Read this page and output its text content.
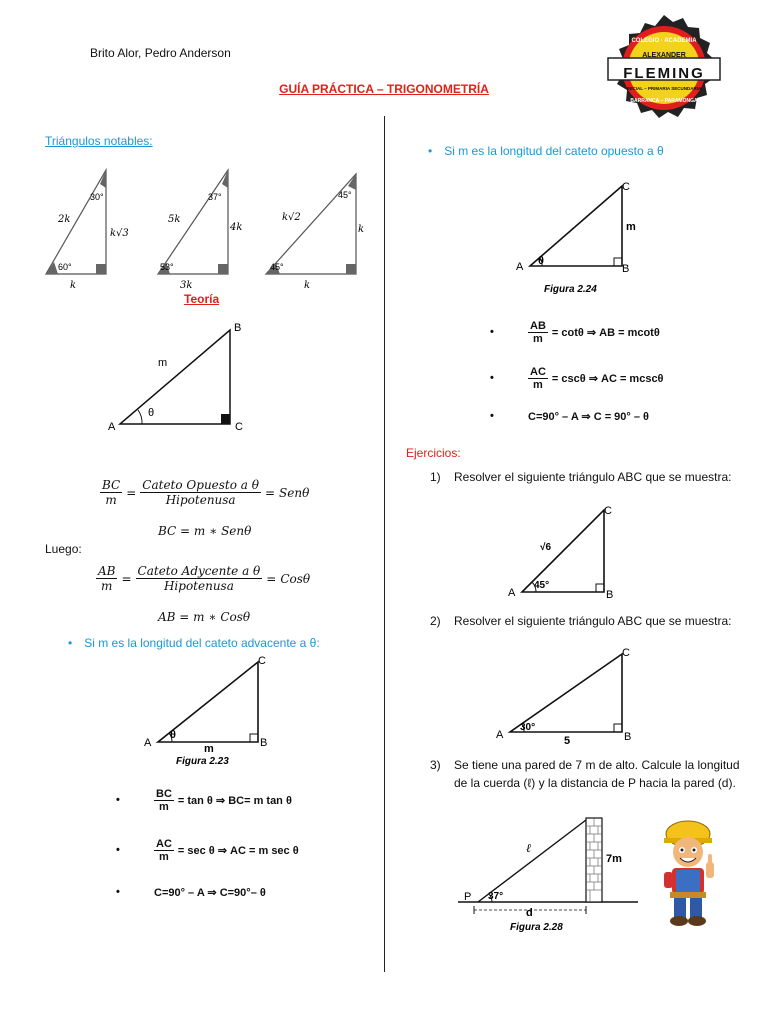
Brito Alor, Pedro Anderson
GUÍA PRÁCTICA – TRIGONOMETRÍA
COLEGIO · ACADEMIA
ALEXANDER
FLEMING
INICIAL – PRIMARIA SECUNDARIA
BARRANCA – PARAMONGA
Triángulos notables:
30°
60°
2k
k√3
k
37°
53°
5k
4k
3k
45°
45°
k√2
k
k
Teoría
A
B
C
m
θ
$\frac{BC}{m} = \frac{\text{Cateto Opuesto a θ}}{\text{Hipotenusa}} = Sen\theta$
BC = m ∗ Senθ
Luego:
$\frac{AB}{m} = \frac{\text{Cateto Adycente a θ}}{\text{Hipotenusa}} = Cos\theta$
AB = m ∗ Cosθ
• Si m es la longitud del cateto advacente a θ:
A	B
C
θ
m
Figura 2.23
•	$\frac{BC}{m} = \tan \theta$ ⇒ BC= m tan θ
•	$\frac{AC}{m} = \sec \theta$ ⇒ AC = m sec θ
•	C=90° – A ⇒ C=90°– θ
• Si m es la longitud del cateto opuesto a θ
A	B
C
θ
m
Figura 2.24
•	$\frac{AB}{m} = \cot\theta$ ⇒ AB = mcotθ
•	$\frac{AC}{m} = \csc\theta$ ⇒ AC = mcscθ
•	C=90° – A ⇒ C = 90° – θ
Ejercicios:
1) Resolver el siguiente triángulo ABC que se muestra:
A	B
C
45°
√6
2) Resolver el siguiente triángulo ABC que se muestra:
A	B
C
30°
5
3) Se tiene una pared de 7 m de alto. Calcule la longitud de la cuerda (ℓ) y la distancia de P hacia la pared (d).
P 37°
ℓ
7m
d
Figura 2.28
